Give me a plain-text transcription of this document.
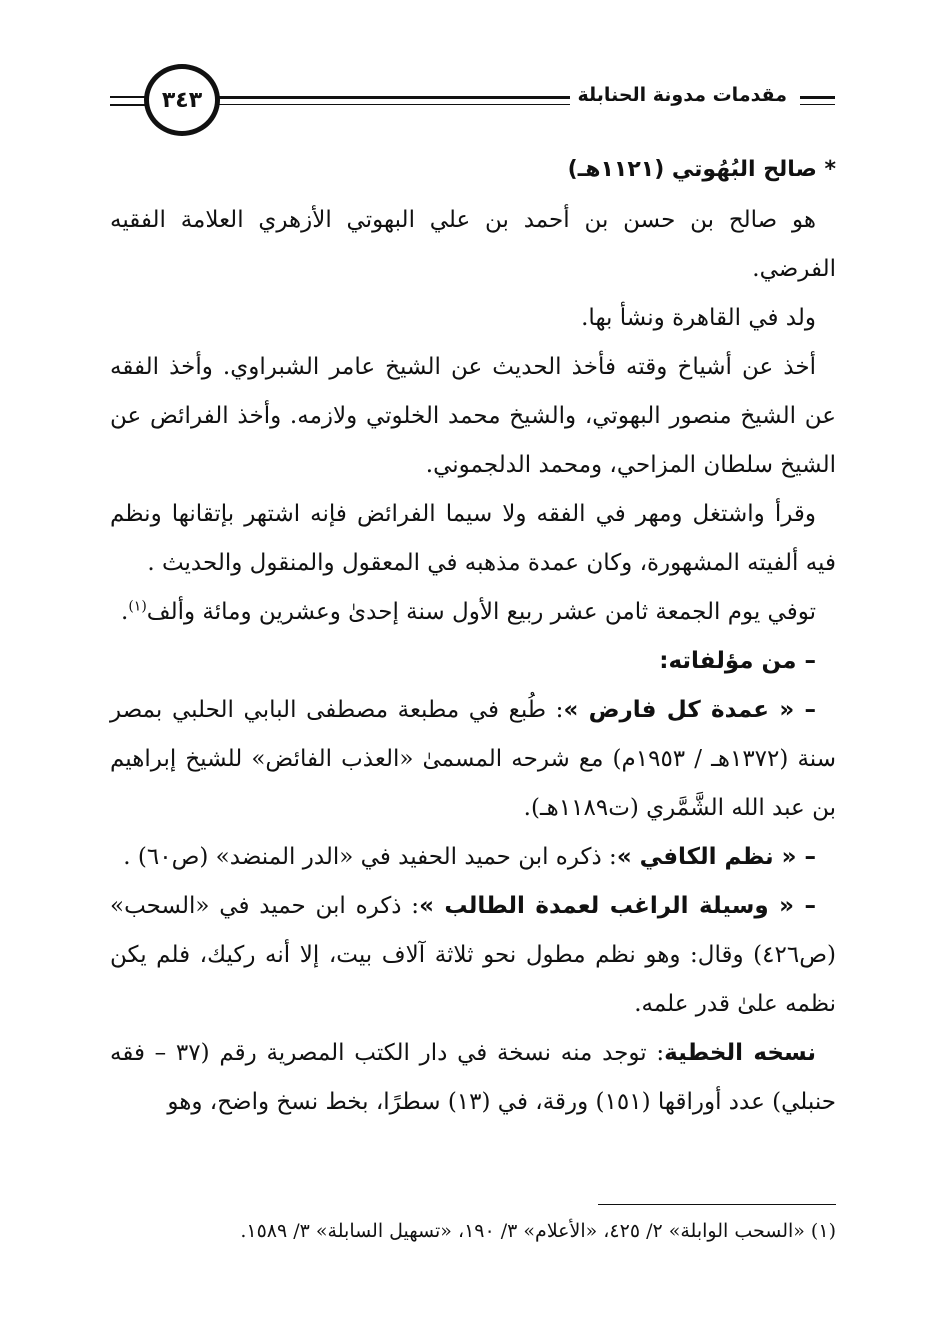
٣٤٣	مقدمات مدونة الحنابلة

* صالح البُهُوتي (١١٢١هـ)

هو صالح بن حسن بن أحمد بن علي البهوتي الأزهري العلامة الفقيه الفرضي.

ولد في القاهرة ونشأ بها.

أخذ عن أشياخ وقته فأخذ الحديث عن الشيخ عامر الشبراوي. وأخذ الفقه عن الشيخ منصور البهوتي، والشيخ محمد الخلوتي ولازمه. وأخذ الفرائض عن الشيخ سلطان المزاحي، ومحمد الدلجموني.

وقرأ واشتغل ومهر في الفقه ولا سيما الفرائض فإنه اشتهر بإتقانها ونظم فيه ألفيته المشهورة، وكان عمدة مذهبه في المعقول والمنقول والحديث .

توفي يوم الجمعة ثامن عشر ربيع الأول سنة إحدىٰ وعشرين ومائة وألف$^{(١)}$.

– من مؤلفاته:

– « عمدة كل فارض »: طُبع في مطبعة مصطفى البابي الحلبي بمصر سنة (١٣٧٢هـ / ١٩٥٣م) مع شرحه المسمىٰ «العذب الفائض» للشيخ إبراهيم بن عبد الله الشَّمَّري (ت١١٨٩هـ).

– « نظم الكافي »: ذكره ابن حميد الحفيد في «الدر المنضد» (ص٦٠) .

– « وسيلة الراغب لعمدة الطالب »: ذكره ابن حميد في «السحب» (ص٤٢٦) وقال: وهو نظم مطول نحو ثلاثة آلاف بيت، إلا أنه ركيك، فلم يكن نظمه علىٰ قدر علمه.

نسخه الخطية: توجد منه نسخة في دار الكتب المصرية رقم (٣٧ – فقه حنبلي) عدد أوراقها (١٥١) ورقة، في (١٣) سطرًا، بخط نسخ واضح، وهو

(١) «السحب الوابلة» ٢/ ٤٢٥، «الأعلام» ٣/ ١٩٠، «تسهيل السابلة» ٣/ ١٥٨٩.
